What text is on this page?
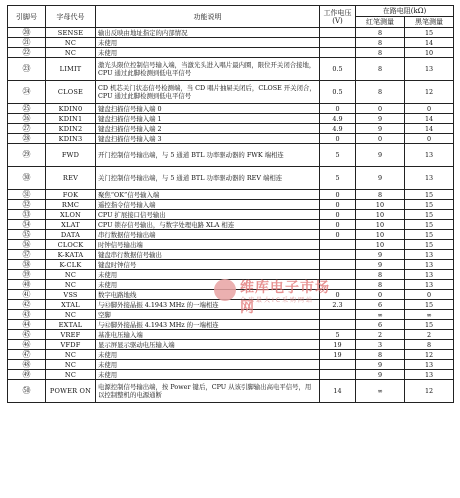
引脚号	字母代号	功能说明	工作电压(V)	在路电阻(kΩ)	
				红笔测量	黑笔测量
⑳	SENSE	输出反映由地址指定的内部情况		8	15
㉑	NC	未使用		8	14
㉒	NC	未使用		8	10
㉓	LIMIT	激光头限位控制信号输入端，当激光头进入唱片最内圈，限位开关闭合接地，CPU 通过此脚检测到低电平信号	0.5	8	13
㉔	CLOSE	CD 机芯关门状态信号检测端，当 CD 唱片抽屉关闭后，CLOSE 开关闭合，CPU 通过此脚检测到低电平信号	0.5	8	12
㉕	KDIN0	键盘扫描信号输入端 0	0	0	0
㉖	KDIN1	键盘扫描信号输入端 1	4.9	9	14
㉗	KDIN2	键盘扫描信号输入端 2	4.9	9	14
㉘	KDIN3	键盘扫描信号输入端 3	0	0	0
㉙	FWD	开门控制信号输出端，与 5 通道 BTL 功率驱动器的 FWK 端相连	5	9	13
㉚	REV	关门控制信号输出端，与 5 通道 BTL 功率驱动器的 REV 端相连	5	9	13
㉛	FOK	聚焦“OK”信号输入端	0	8	15
㉜	RMC	遥控指令信号输入端	0	10	15
㉝	XLON	CPU 扩展接口信号输出	0	10	15
㉞	XLAT	CPU 锁存信号输出，与数字处理电路 XLA 相连	0	10	15
㉟	DATA	串行数据信号输出端	0	10	15
㊱	CLOCK	时钟信号输出端		10	15
㊲	K-KATA	键盘串行数据信号输出		9	13
㊳	K-CLK	键盘时钟信号		9	13
㊴	NC	未使用		8	13
㊵	NC	未使用		8	13
㊶	VSS	数字电路地线	0	0	0
㊷	XTAL	与㊸脚外接晶振 4.1943 MHz 的一端相连	2.3	6	15
㊸	NC	空脚		∞	∞
㊹	EXTAL	与㊷脚外接晶振 4.1943 MHz 的一端相连		6	15
㊺	VREF	基准电压输入端	5	2	2
㊻	VFDF	显示屏显示驱动电压输入端	19	3	8
㊼	NC	未使用	19	8	12
㊽	NC	未使用		9	13
㊾	NC	未使用		9	13
㊿	POWER ON	电源控制信号输出端，按 Power 键后，CPU 从该引脚输出高电平信号，用以控制整机的电源通断	14	∞	12
维库电子市场网
全球最大IC采购网站
